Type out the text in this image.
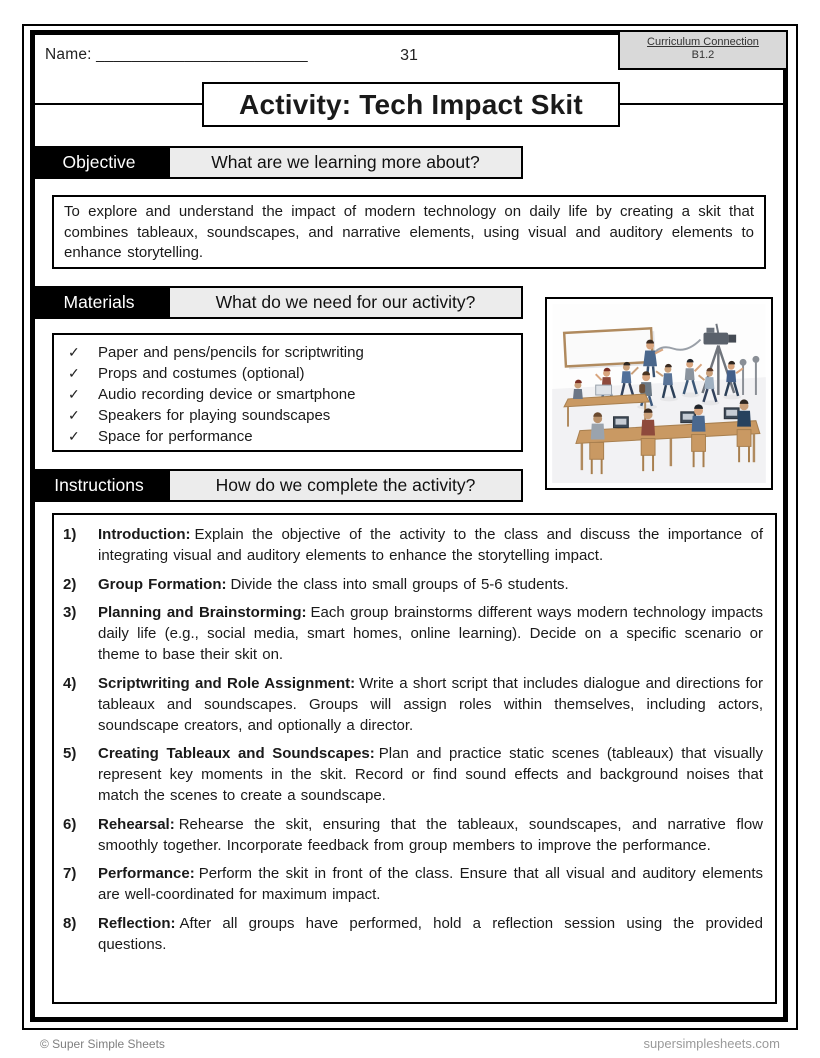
Name: ________________________	31
Curriculum Connection
B1.2
Activity: Tech Impact Skit
Objective	What are we learning more about?
To explore and understand the impact of modern technology on daily life by creating a skit that combines tableaux, soundscapes, and narrative elements, using visual and auditory elements to enhance storytelling.
Materials	What do we need for our activity?
✓	Paper and pens/pencils for scriptwriting
✓	Props and costumes (optional)
✓	Audio recording device or smartphone
✓	Speakers for playing soundscapes
✓	Space for performance
Instructions	How do we complete the activity?
1)	Introduction: Explain the objective of the activity to the class and discuss the importance of integrating visual and auditory elements to enhance the storytelling impact.
2)	Group Formation: Divide the class into small groups of 5-6 students.
3)	Planning and Brainstorming: Each group brainstorms different ways modern technology impacts daily life (e.g., social media, smart homes, online learning). Decide on a specific scenario or theme to base their skit on.
4)	Scriptwriting and Role Assignment: Write a short script that includes dialogue and directions for tableaux and soundscapes. Groups will assign roles within themselves, including actors, soundscape creators, and optionally a director.
5)	Creating Tableaux and Soundscapes: Plan and practice static scenes (tableaux) that visually represent key moments in the skit. Record or find sound effects and background noises that match the scenes to create a soundscape.
6)	Rehearsal: Rehearse the skit, ensuring that the tableaux, soundscapes, and narrative flow smoothly together. Incorporate feedback from group members to improve the performance.
7)	Performance: Perform the skit in front of the class. Ensure that all visual and auditory elements are well-coordinated for maximum impact.
8)	Reflection: After all groups have performed, hold a reflection session using the provided questions.
© Super Simple Sheets	supersimplesheets.com
